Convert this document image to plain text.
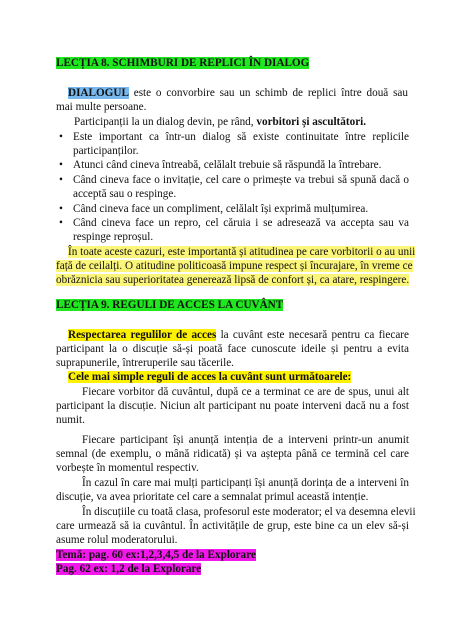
LECȚIA 8. SCHIMBURI DE REPLICI ÎN DIALOG
DIALOGUL este o convorbire sau un schimb de replici între două sau
mai multe persoane.
Participanții la un dialog devin, pe rând, vorbitori și ascultători.
• Este important ca într-un dialog să existe continuitate între replicile
participanților.
• Atunci când cineva întreabă, celălalt trebuie să răspundă la întrebare.
• Când cineva face o invitație, cel care o primește va trebui să spună dacă o
acceptă sau o respinge.
• Când cineva face un compliment, celălalt își exprimă mulțumirea.
• Când cineva face un repro, cel căruia i se adresează va accepta sau va
respinge reproșul.
În toate aceste cazuri, este importantă și atitudinea pe care vorbitorii o au unii
față de ceilalți. O atitudine politicoasă impune respect și încurajare, în vreme ce
obrăznicia sau superioritatea generează lipsă de confort și, ca atare, respingere.
LECȚIA 9. REGULI DE ACCES LA CUVÂNT
Respectarea regulilor de acces la cuvânt este necesară pentru ca fiecare
participant la o discuție să-și poată face cunoscute ideile și pentru a evita
suprapunerile, întreruperile sau tăcerile.
Cele mai simple reguli de acces la cuvânt sunt următoarele:
Fiecare vorbitor dă cuvântul, după ce a terminat ce are de spus, unui alt
participant la discuție. Niciun alt participant nu poate interveni dacă nu a fost
numit.
Fiecare participant își anunță intenția de a interveni printr-un anumit
semnal (de exemplu, o mână ridicată) și va aștepta până ce termină cel care
vorbește în momentul respectiv.
În cazul în care mai mulți participanți își anunță dorința de a interveni în
discuție, va avea prioritate cel care a semnalat primul această intenție.
În discuțiile cu toată clasa, profesorul este moderator; el va desemna elevii
care urmează să ia cuvântul. În activitățile de grup, este bine ca un elev să-și
asume rolul moderatorului.
Temă: pag. 60 ex:1,2,3,4,5 de la Explorare
Pag. 62 ex: 1,2 de la Explorare
